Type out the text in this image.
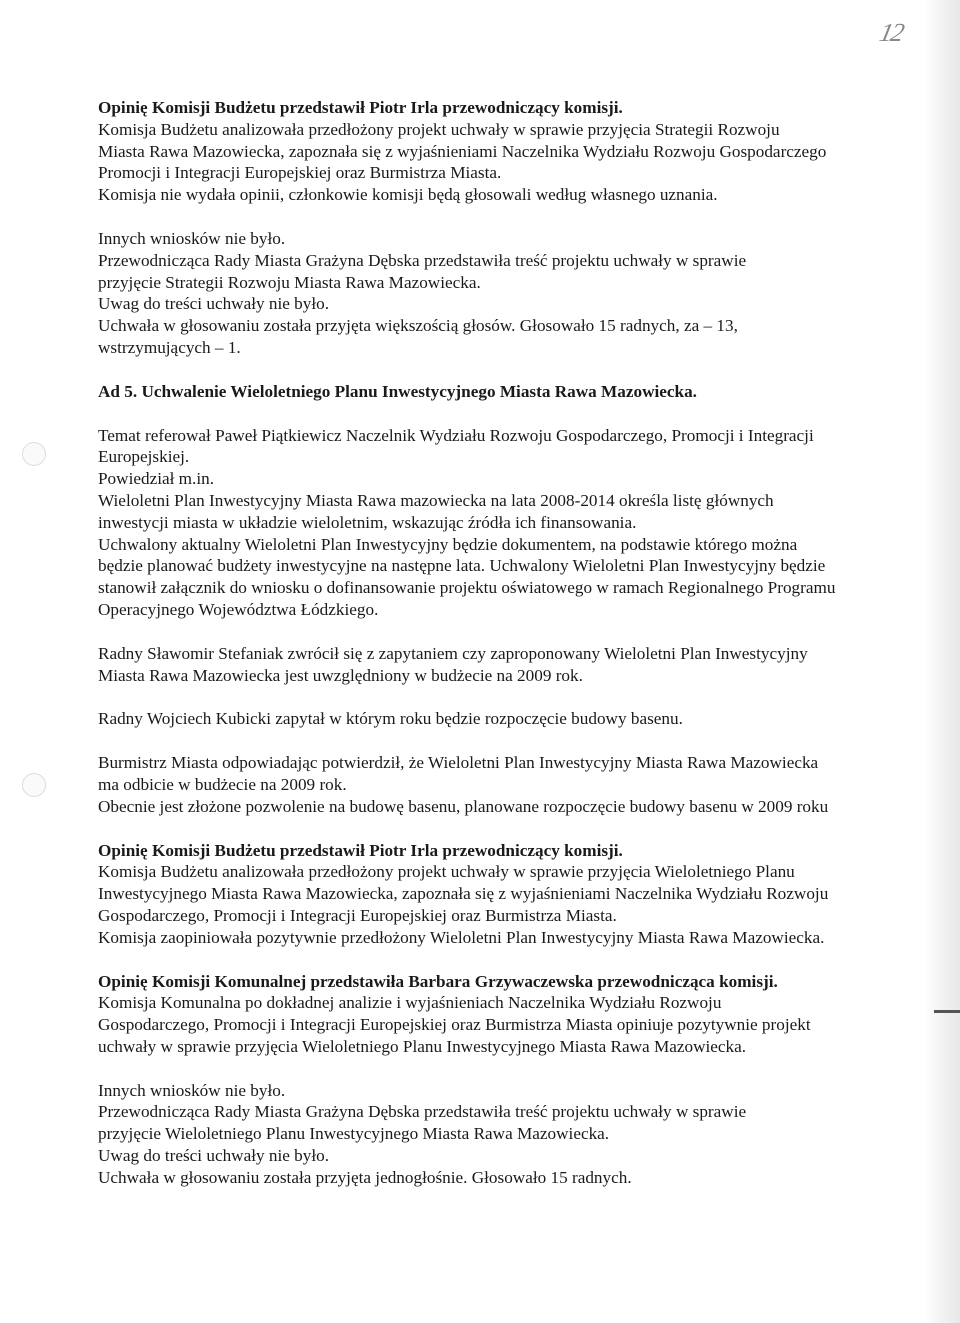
12
Opinię Komisji Budżetu przedstawił Piotr Irla przewodniczący komisji.
Komisja Budżetu analizowała przedłożony projekt uchwały w sprawie przyjęcia Strategii Rozwoju
Miasta Rawa Mazowiecka, zapoznała się z wyjaśnieniami Naczelnika Wydziału Rozwoju Gospodarczego
Promocji i Integracji Europejskiej oraz Burmistrza Miasta.
Komisja nie wydała opinii, członkowie komisji będą głosowali według własnego uznania.
Innych wniosków nie było.
Przewodnicząca Rady Miasta Grażyna Dębska przedstawiła treść projektu uchwały w sprawie
przyjęcie Strategii Rozwoju Miasta Rawa Mazowiecka.
Uwag do treści uchwały nie było.
Uchwała w głosowaniu została przyjęta większością głosów. Głosowało 15 radnych, za – 13,
wstrzymujących – 1.
Ad 5. Uchwalenie Wieloletniego Planu Inwestycyjnego Miasta Rawa Mazowiecka.
Temat referował Paweł Piątkiewicz Naczelnik Wydziału Rozwoju Gospodarczego, Promocji i Integracji
Europejskiej.
Powiedział m.in.
Wieloletni Plan Inwestycyjny Miasta Rawa mazowiecka na lata 2008-2014 określa listę głównych
inwestycji miasta w układzie wieloletnim, wskazując źródła ich finansowania.
Uchwalony aktualny Wieloletni Plan Inwestycyjny będzie dokumentem, na podstawie którego można
będzie planować budżety inwestycyjne na następne lata. Uchwalony Wieloletni Plan Inwestycyjny będzie
stanowił załącznik do wniosku o dofinansowanie projektu oświatowego w ramach Regionalnego Programu
Operacyjnego Województwa Łódzkiego.
Radny Sławomir Stefaniak zwrócił się z zapytaniem czy zaproponowany Wieloletni Plan Inwestycyjny
Miasta Rawa Mazowiecka jest uwzględniony w budżecie na 2009 rok.
Radny Wojciech Kubicki zapytał w którym roku będzie rozpoczęcie budowy basenu.
Burmistrz Miasta odpowiadając potwierdził, że Wieloletni Plan Inwestycyjny Miasta Rawa Mazowiecka
ma odbicie w budżecie na 2009 rok.
Obecnie jest złożone pozwolenie na budowę basenu, planowane rozpoczęcie budowy basenu w 2009 roku
Opinię Komisji Budżetu przedstawił Piotr Irla przewodniczący komisji.
Komisja Budżetu analizowała przedłożony projekt uchwały w sprawie przyjęcia Wieloletniego Planu
Inwestycyjnego Miasta Rawa Mazowiecka, zapoznała się z wyjaśnieniami Naczelnika Wydziału Rozwoju
Gospodarczego, Promocji i Integracji Europejskiej oraz Burmistrza Miasta.
Komisja zaopiniowała pozytywnie przedłożony Wieloletni Plan Inwestycyjny Miasta Rawa Mazowiecka.
Opinię Komisji Komunalnej przedstawiła Barbara Grzywaczewska przewodnicząca komisji.
Komisja Komunalna po dokładnej analizie i wyjaśnieniach Naczelnika Wydziału Rozwoju
Gospodarczego, Promocji i Integracji Europejskiej oraz Burmistrza Miasta opiniuje pozytywnie projekt
uchwały w sprawie przyjęcia Wieloletniego Planu Inwestycyjnego Miasta Rawa Mazowiecka.
Innych wniosków nie było.
Przewodnicząca Rady Miasta Grażyna Dębska przedstawiła treść projektu uchwały w sprawie
przyjęcie Wieloletniego Planu Inwestycyjnego Miasta Rawa Mazowiecka.
Uwag do treści uchwały nie było.
Uchwała w głosowaniu została przyjęta jednogłośnie. Głosowało 15 radnych.
